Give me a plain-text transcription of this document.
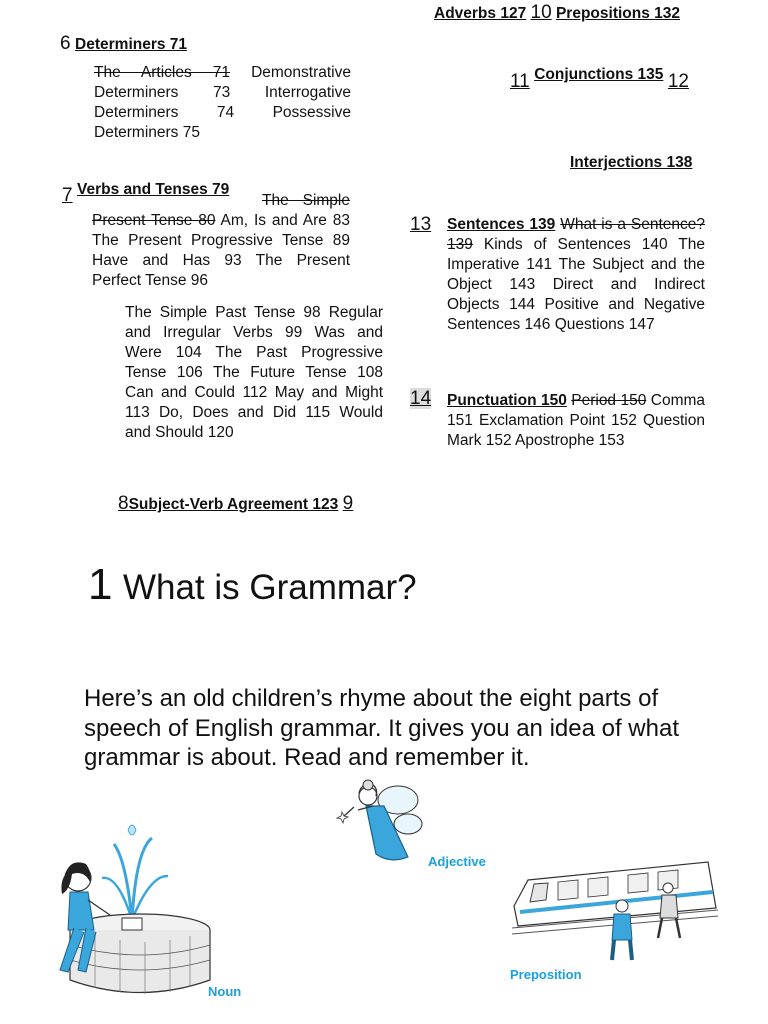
Adverbs 127 10 Prepositions 132
6 Determiners 71
The Articles 71 Demonstrative Determiners 73 Interrogative Determiners 74 Possessive Determiners 75
11 Conjunctions 135 12
Interjections 138
7 Verbs and Tenses 79
The Simple Present Tense 80 Am, Is and Are 83 The Present Progressive Tense 89 Have and Has 93 The Present Perfect Tense 96
The Simple Past Tense 98 Regular and Irregular Verbs 99 Was and Were 104 The Past Progressive Tense 106 The Future Tense 108 Can and Could 112 May and Might 113 Do, Does and Did 115 Would and Should 120
13 Sentences 139 What is a Sentence? 139 Kinds of Sentences 140 The Imperative 141 The Subject and the Object 143 Direct and Indirect Objects 144 Positive and Negative Sentences 146 Questions 147
14 Punctuation 150 Period 150 Comma 151 Exclamation Point 152 Question Mark 152 Apostrophe 153
8Subject-Verb Agreement 123 9
1 What is Grammar?
Here’s an old children’s rhyme about the eight parts of speech of English grammar. It gives you an idea of what grammar is about. Read and remember it.
Adjective
Noun
Preposition
